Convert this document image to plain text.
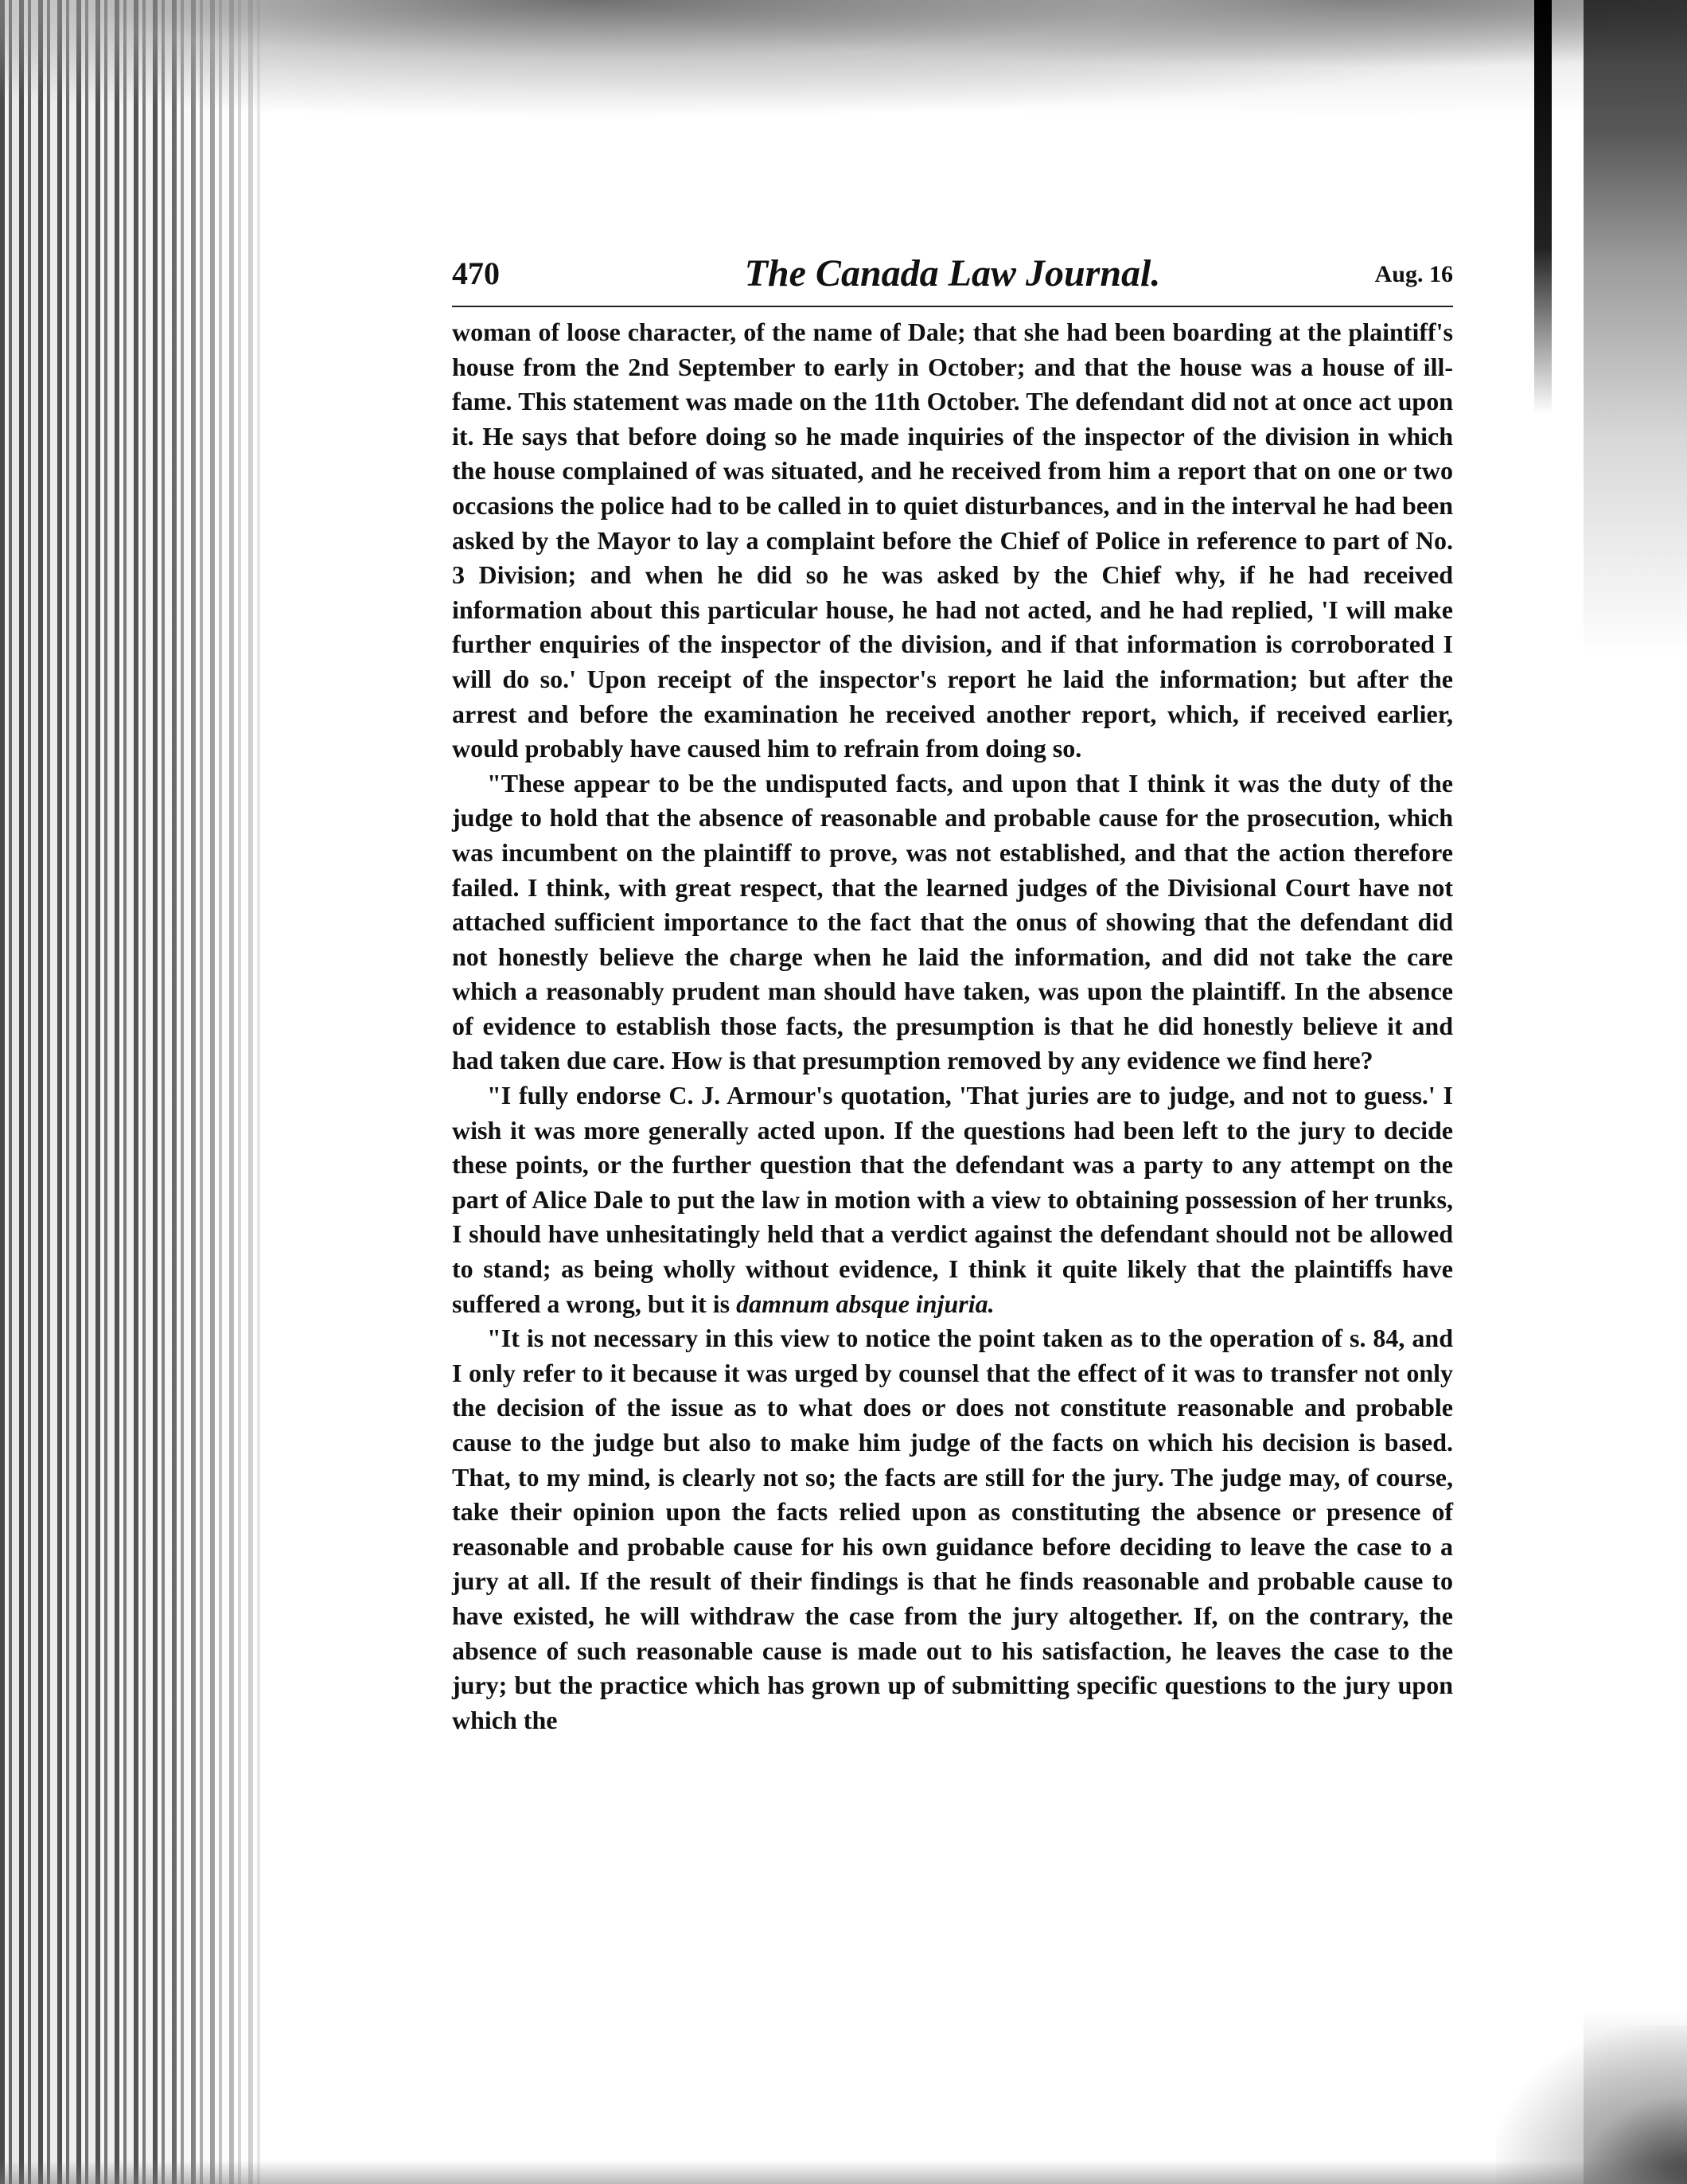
470	The Canada Law Journal.	Aug. 16

woman of loose character, of the name of Dale; that she had been boarding at the plaintiff's house from the 2nd September to early in October; and that the house was a house of ill-fame. This statement was made on the 11th October. The defendant did not at once act upon it. He says that before doing so he made inquiries of the inspector of the division in which the house complained of was situated, and he received from him a report that on one or two occasions the police had to be called in to quiet disturbances, and in the interval he had been asked by the Mayor to lay a complaint before the Chief of Police in reference to part of No. 3 Division; and when he did so he was asked by the Chief why, if he had received information about this particular house, he had not acted, and he had replied, 'I will make further enquiries of the inspector of the division, and if that information is corroborated I will do so.' Upon receipt of the inspector's report he laid the information; but after the arrest and before the examination he received another report, which, if received earlier, would probably have caused him to refrain from doing so.

"These appear to be the undisputed facts, and upon that I think it was the duty of the judge to hold that the absence of reasonable and probable cause for the prosecution, which was incumbent on the plaintiff to prove, was not established, and that the action therefore failed. I think, with great respect, that the learned judges of the Divisional Court have not attached sufficient importance to the fact that the onus of showing that the defendant did not honestly believe the charge when he laid the information, and did not take the care which a reasonably prudent man should have taken, was upon the plaintiff. In the absence of evidence to establish those facts, the presumption is that he did honestly believe it and had taken due care. How is that presumption removed by any evidence we find here?

"I fully endorse C. J. Armour's quotation, 'That juries are to judge, and not to guess.' I wish it was more generally acted upon. If the questions had been left to the jury to decide these points, or the further question that the defendant was a party to any attempt on the part of Alice Dale to put the law in motion with a view to obtaining possession of her trunks, I should have unhesitatingly held that a verdict against the defendant should not be allowed to stand; as being wholly without evidence, I think it quite likely that the plaintiffs have suffered a wrong, but it is damnum absque injuria.

"It is not necessary in this view to notice the point taken as to the operation of s. 84, and I only refer to it because it was urged by counsel that the effect of it was to transfer not only the decision of the issue as to what does or does not constitute reasonable and probable cause to the judge but also to make him judge of the facts on which his decision is based. That, to my mind, is clearly not so; the facts are still for the jury. The judge may, of course, take their opinion upon the facts relied upon as constituting the absence or presence of reasonable and probable cause for his own guidance before deciding to leave the case to a jury at all. If the result of their findings is that he finds reasonable and probable cause to have existed, he will withdraw the case from the jury altogether. If, on the contrary, the absence of such reasonable cause is made out to his satisfaction, he leaves the case to the jury; but the practice which has grown up of submitting specific questions to the jury upon which the
